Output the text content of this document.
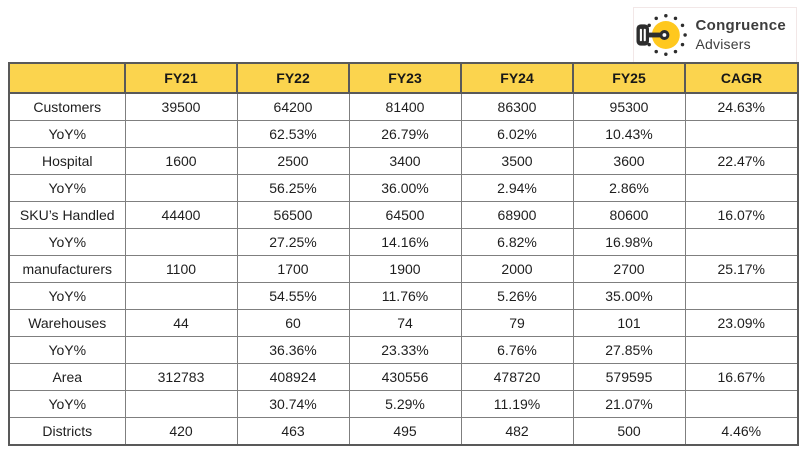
Congruence
Advisers
	FY21	FY22	FY23	FY24	FY25	CAGR
Customers	39500	64200	81400	86300	95300	24.63%
YoY%		62.53%	26.79%	6.02%	10.43%	
Hospital	1600	2500	3400	3500	3600	22.47%
YoY%		56.25%	36.00%	2.94%	2.86%	
SKU’s Handled	44400	56500	64500	68900	80600	16.07%
YoY%		27.25%	14.16%	6.82%	16.98%	
manufacturers	1100	1700	1900	2000	2700	25.17%
YoY%		54.55%	11.76%	5.26%	35.00%	
Warehouses	44	60	74	79	101	23.09%
YoY%		36.36%	23.33%	6.76%	27.85%	
Area	312783	408924	430556	478720	579595	16.67%
YoY%		30.74%	5.29%	11.19%	21.07%	
Districts	420	463	495	482	500	4.46%
